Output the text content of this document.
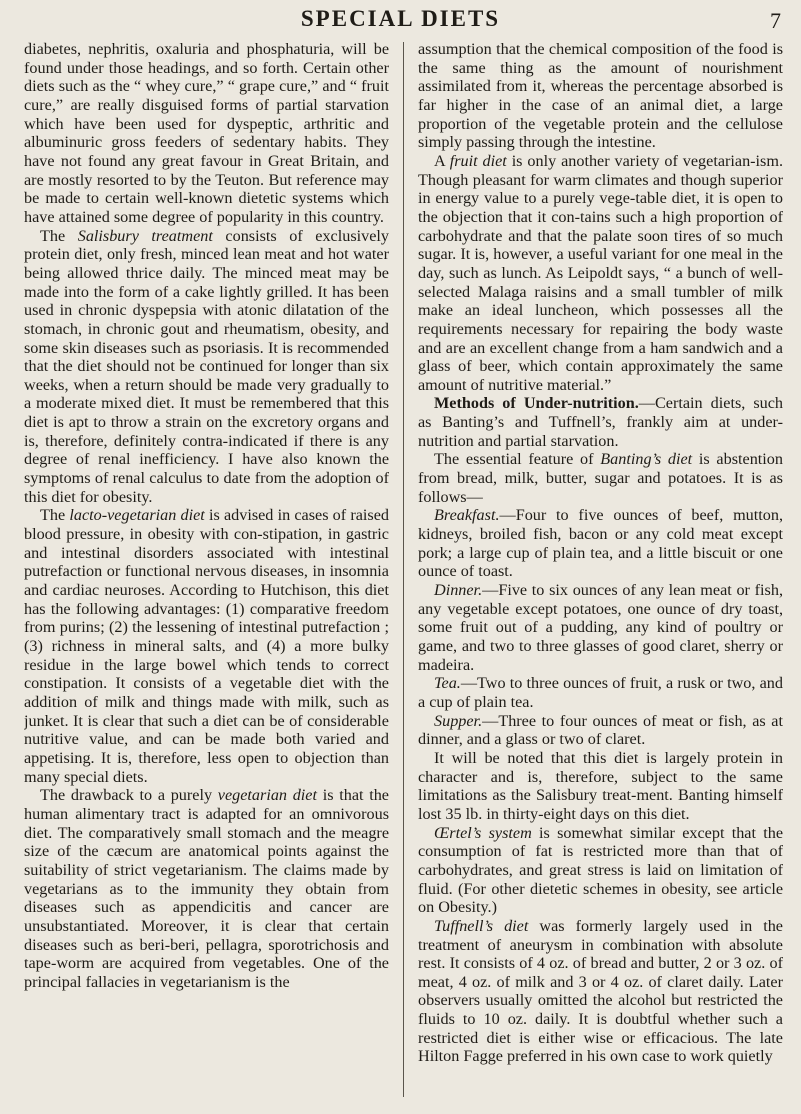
SPECIAL DIETS	7

diabetes, nephritis, oxaluria and phosphaturia, will be found under those headings, and so forth. Certain other diets such as the “ whey cure,” “ grape cure,” and “ fruit cure,” are really disguised forms of partial starvation which have been used for dyspeptic, arthritic and albuminuric gross feeders of sedentary habits. They have not found any great favour in Great Britain, and are mostly resorted to by the Teuton. But reference may be made to certain well-known dietetic systems which have attained some degree of popularity in this country.

The Salisbury treatment consists of exclusively protein diet, only fresh, minced lean meat and hot water being allowed thrice daily. The minced meat may be made into the form of a cake lightly grilled. It has been used in chronic dyspepsia with atonic dilatation of the stomach, in chronic gout and rheumatism, obesity, and some skin diseases such as psoriasis. It is recommended that the diet should not be continued for longer than six weeks, when a return should be made very gradually to a moderate mixed diet. It must be remembered that this diet is apt to throw a strain on the excretory organs and is, therefore, definitely contra-indicated if there is any degree of renal inefficiency. I have also known the symptoms of renal calculus to date from the adoption of this diet for obesity.

The lacto-vegetarian diet is advised in cases of raised blood pressure, in obesity with con-stipation, in gastric and intestinal disorders associated with intestinal putrefaction or functional nervous diseases, in insomnia and cardiac neuroses. According to Hutchison, this diet has the following advantages: (1) comparative freedom from purins; (2) the lessening of intestinal putrefaction ; (3) richness in mineral salts, and (4) a more bulky residue in the large bowel which tends to correct constipation. It consists of a vegetable diet with the addition of milk and things made with milk, such as junket. It is clear that such a diet can be of considerable nutritive value, and can be made both varied and appetising. It is, therefore, less open to objection than many special diets.

The drawback to a purely vegetarian diet is that the human alimentary tract is adapted for an omnivorous diet. The comparatively small stomach and the meagre size of the cæcum are anatomical points against the suitability of strict vegetarianism. The claims made by vegetarians as to the immunity they obtain from diseases such as appendicitis and cancer are unsubstantiated. Moreover, it is clear that certain diseases such as beri-beri, pellagra, sporotrichosis and tape-worm are acquired from vegetables. One of the principal fallacies in vegetarianism is the

assumption that the chemical composition of the food is the same thing as the amount of nourishment assimilated from it, whereas the percentage absorbed is far higher in the case of an animal diet, a large proportion of the vegetable protein and the cellulose simply passing through the intestine.

A fruit diet is only another variety of vegetarian-ism. Though pleasant for warm climates and though superior in energy value to a purely vege-table diet, it is open to the objection that it con-tains such a high proportion of carbohydrate and that the palate soon tires of so much sugar. It is, however, a useful variant for one meal in the day, such as lunch. As Leipoldt says, “ a bunch of well-selected Malaga raisins and a small tumbler of milk make an ideal luncheon, which possesses all the requirements necessary for repairing the body waste and are an excellent change from a ham sandwich and a glass of beer, which contain approximately the same amount of nutritive material.”

Methods of Under-nutrition.—Certain diets, such as Banting’s and Tuffnell’s, frankly aim at under-nutrition and partial starvation.

The essential feature of Banting’s diet is abstention from bread, milk, butter, sugar and potatoes. It is as follows—

Breakfast.—Four to five ounces of beef, mutton, kidneys, broiled fish, bacon or any cold meat except pork; a large cup of plain tea, and a little biscuit or one ounce of toast.

Dinner.—Five to six ounces of any lean meat or fish, any vegetable except potatoes, one ounce of dry toast, some fruit out of a pudding, any kind of poultry or game, and two to three glasses of good claret, sherry or madeira.

Tea.—Two to three ounces of fruit, a rusk or two, and a cup of plain tea.

Supper.—Three to four ounces of meat or fish, as at dinner, and a glass or two of claret.

It will be noted that this diet is largely protein in character and is, therefore, subject to the same limitations as the Salisbury treat-ment. Banting himself lost 35 lb. in thirty-eight days on this diet.

Œrtel’s system is somewhat similar except that the consumption of fat is restricted more than that of carbohydrates, and great stress is laid on limitation of fluid. (For other dietetic schemes in obesity, see article on Obesity.)

Tuffnell’s diet was formerly largely used in the treatment of aneurysm in combination with absolute rest. It consists of 4 oz. of bread and butter, 2 or 3 oz. of meat, 4 oz. of milk and 3 or 4 oz. of claret daily. Later observers usually omitted the alcohol but restricted the fluids to 10 oz. daily. It is doubtful whether such a restricted diet is either wise or efficacious. The late Hilton Fagge preferred in his own case to work quietly
